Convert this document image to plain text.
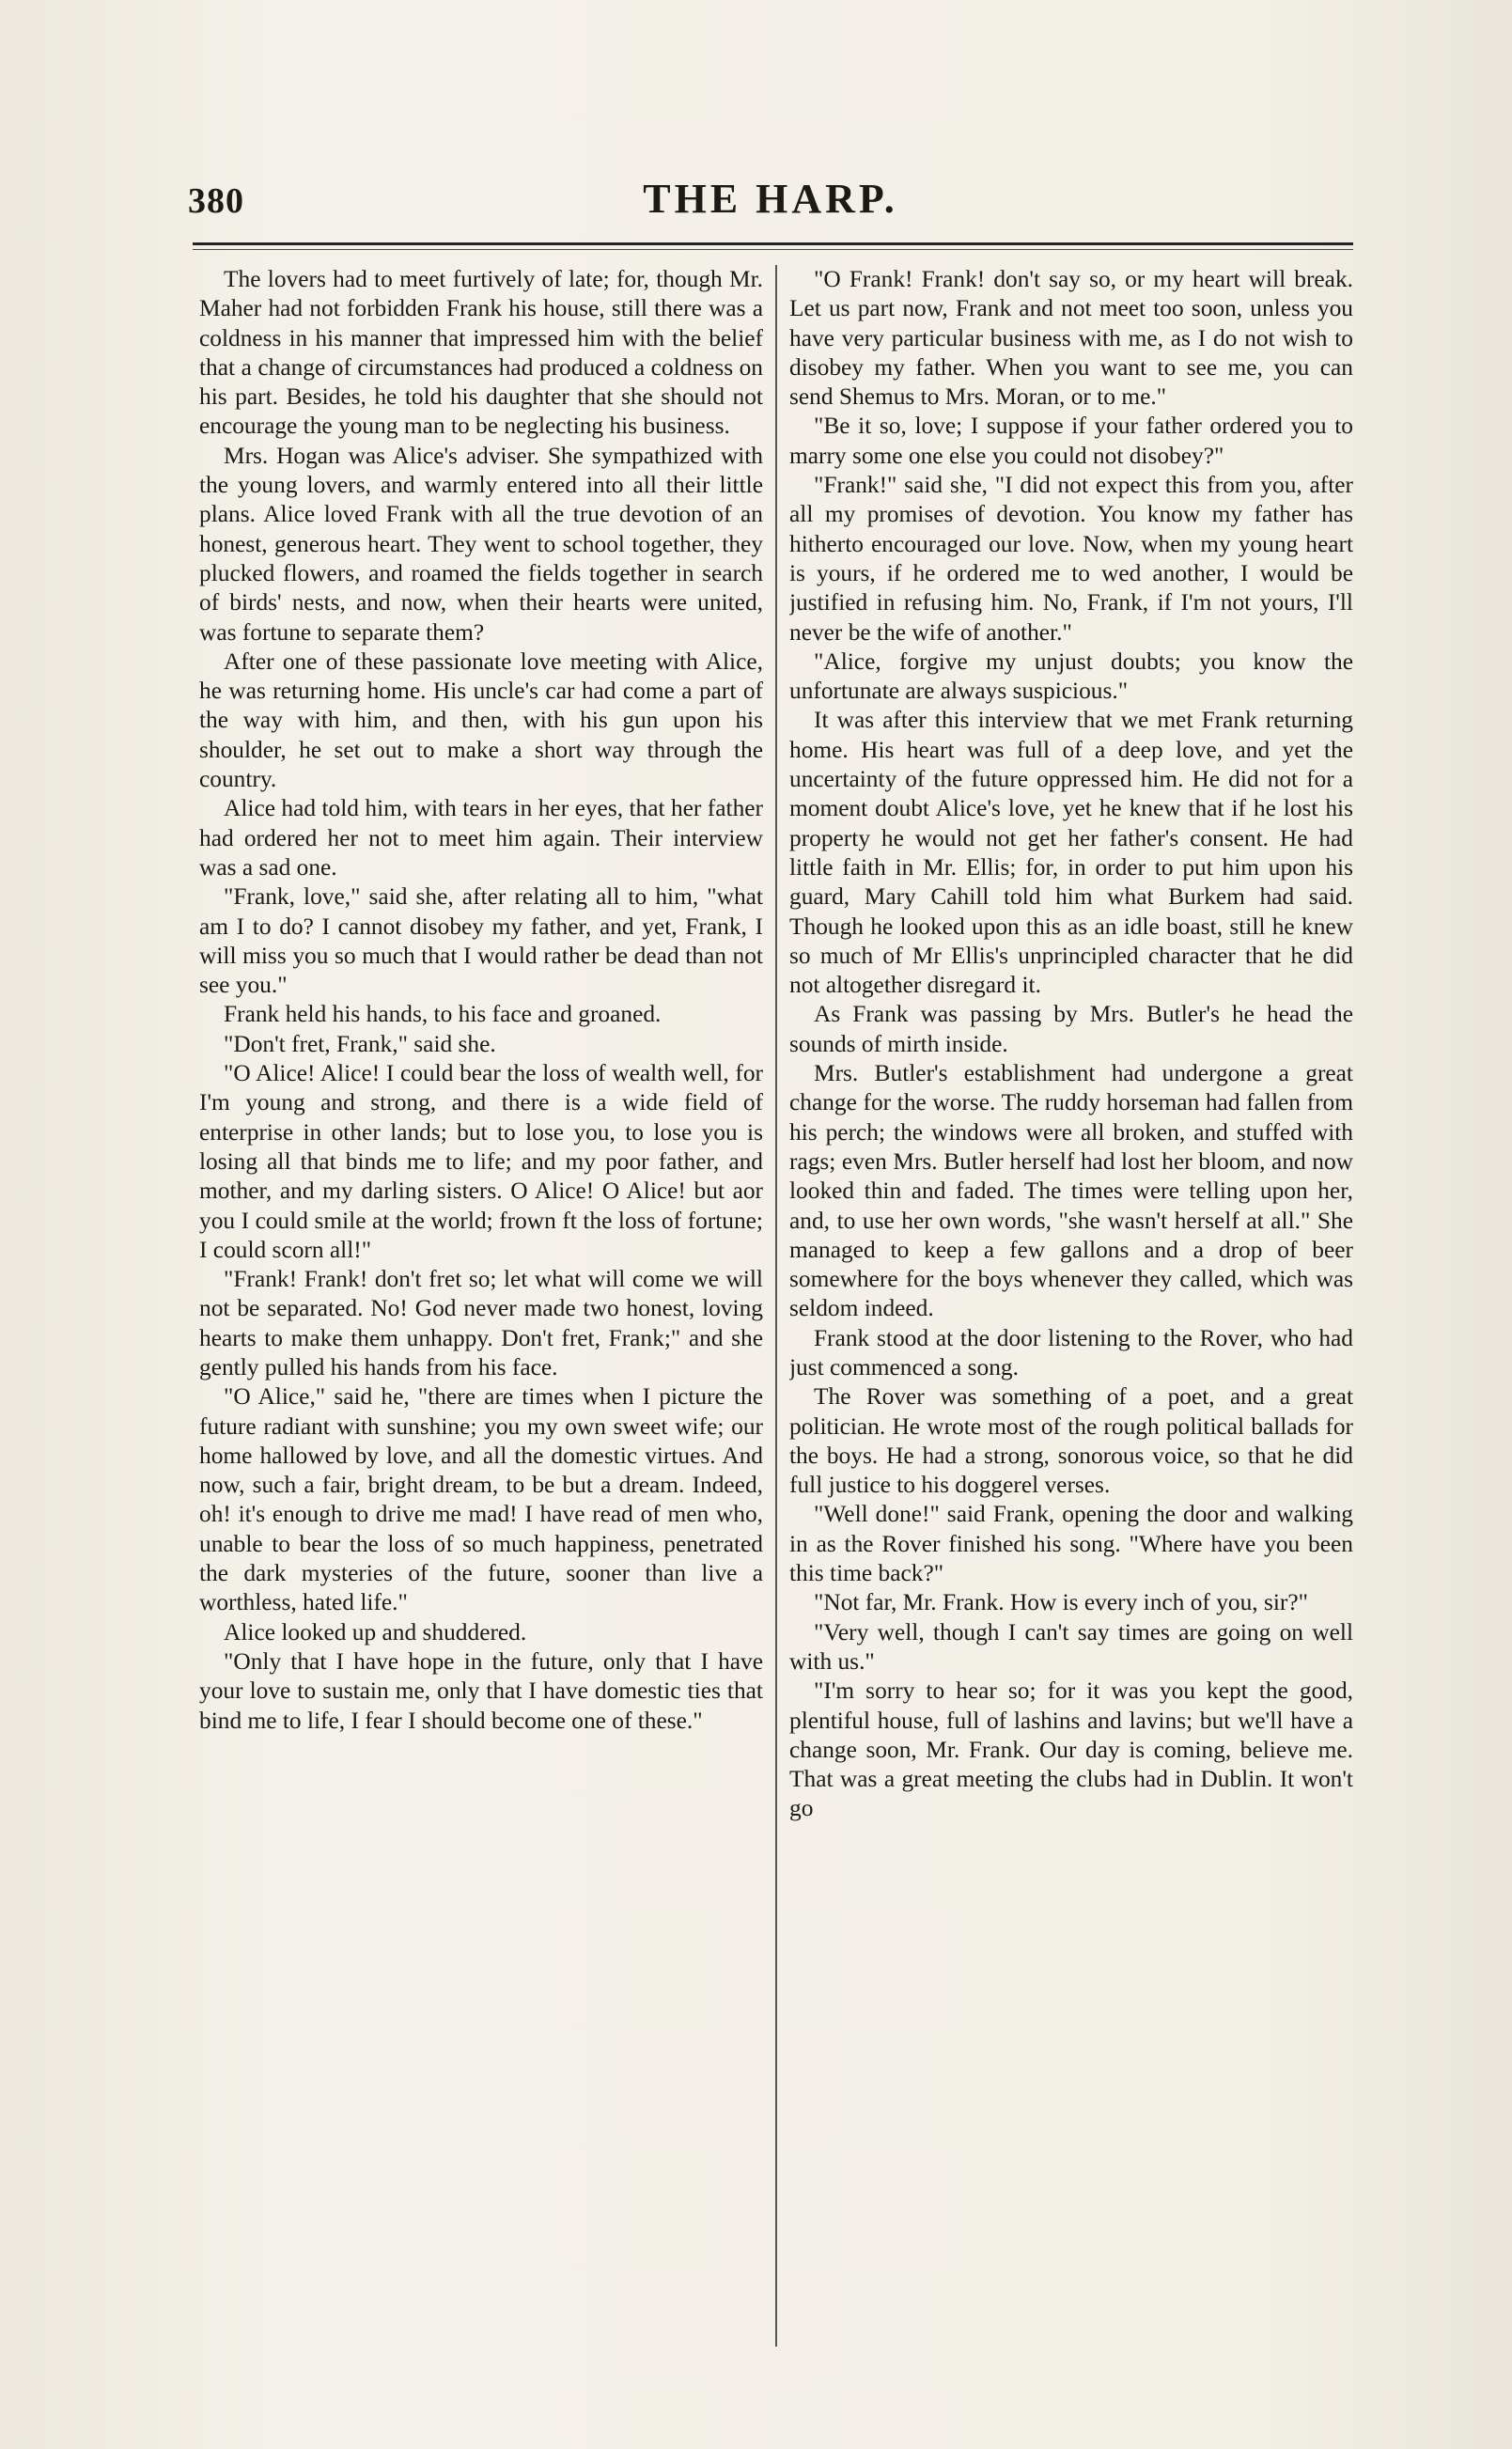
380	THE HARP.

The lovers had to meet furtively of late; for, though Mr. Maher had not forbidden Frank his house, still there was a coldness in his manner that impressed him with the belief that a change of circumstances had produced a coldness on his part. Besides, he told his daughter that she should not encourage the young man to be neglecting his business.

Mrs. Hogan was Alice's adviser. She sympathized with the young lovers, and warmly entered into all their little plans. Alice loved Frank with all the true devotion of an honest, generous heart. They went to school together, they plucked flowers, and roamed the fields together in search of birds' nests, and now, when their hearts were united, was fortune to separate them?

After one of these passionate love meeting with Alice, he was returning home. His uncle's car had come a part of the way with him, and then, with his gun upon his shoulder, he set out to make a short way through the country.

Alice had told him, with tears in her eyes, that her father had ordered her not to meet him again. Their interview was a sad one.

"Frank, love," said she, after relating all to him, "what am I to do? I cannot disobey my father, and yet, Frank, I will miss you so much that I would rather be dead than not see you."

Frank held his hands, to his face and groaned.

"Don't fret, Frank," said she.

"O Alice! Alice! I could bear the loss of wealth well, for I'm young and strong, and there is a wide field of enterprise in other lands; but to lose you, to lose you is losing all that binds me to life; and my poor father, and mother, and my darling sisters. O Alice! O Alice! but aor you I could smile at the world; frown ft the loss of fortune; I could scorn all!"

"Frank! Frank! don't fret so; let what will come we will not be separated. No! God never made two honest, loving hearts to make them unhappy. Don't fret, Frank;" and she gently pulled his hands from his face.

"O Alice," said he, "there are times when I picture the future radiant with sunshine; you my own sweet wife; our home hallowed by love, and all the domestic virtues. And now, such a fair, bright dream, to be but a dream. Indeed, oh! it's enough to drive me mad! I have read of men who, unable to bear the loss of so much happiness, penetrated the dark mysteries of the future, sooner than live a worthless, hated life."

Alice looked up and shuddered.

"Only that I have hope in the future, only that I have your love to sustain me, only that I have domestic ties that bind me to life, I fear I should become one of these."

"O Frank! Frank! don't say so, or my heart will break. Let us part now, Frank and not meet too soon, unless you have very particular business with me, as I do not wish to disobey my father. When you want to see me, you can send Shemus to Mrs. Moran, or to me."

"Be it so, love; I suppose if your father ordered you to marry some one else you could not disobey?"

"Frank!" said she, "I did not expect this from you, after all my promises of devotion. You know my father has hitherto encouraged our love. Now, when my young heart is yours, if he ordered me to wed another, I would be justified in refusing him. No, Frank, if I'm not yours, I'll never be the wife of another."

"Alice, forgive my unjust doubts; you know the unfortunate are always suspicious."

It was after this interview that we met Frank returning home. His heart was full of a deep love, and yet the uncertainty of the future oppressed him. He did not for a moment doubt Alice's love, yet he knew that if he lost his property he would not get her father's consent. He had little faith in Mr. Ellis; for, in order to put him upon his guard, Mary Cahill told him what Burkem had said. Though he looked upon this as an idle boast, still he knew so much of Mr Ellis's unprincipled character that he did not altogether disregard it.

As Frank was passing by Mrs. Butler's he head the sounds of mirth inside.

Mrs. Butler's establishment had undergone a great change for the worse. The ruddy horseman had fallen from his perch; the windows were all broken, and stuffed with rags; even Mrs. Butler herself had lost her bloom, and now looked thin and faded. The times were telling upon her, and, to use her own words, "she wasn't herself at all." She managed to keep a few gallons and a drop of beer somewhere for the boys whenever they called, which was seldom indeed.

Frank stood at the door listening to the Rover, who had just commenced a song.

The Rover was something of a poet, and a great politician. He wrote most of the rough political ballads for the boys. He had a strong, sonorous voice, so that he did full justice to his doggerel verses.

"Well done!" said Frank, opening the door and walking in as the Rover finished his song. "Where have you been this time back?"

"Not far, Mr. Frank. How is every inch of you, sir?"

"Very well, though I can't say times are going on well with us."

"I'm sorry to hear so; for it was you kept the good, plentiful house, full of lashins and lavins; but we'll have a change soon, Mr. Frank. Our day is coming, believe me. That was a great meeting the clubs had in Dublin. It won't go
